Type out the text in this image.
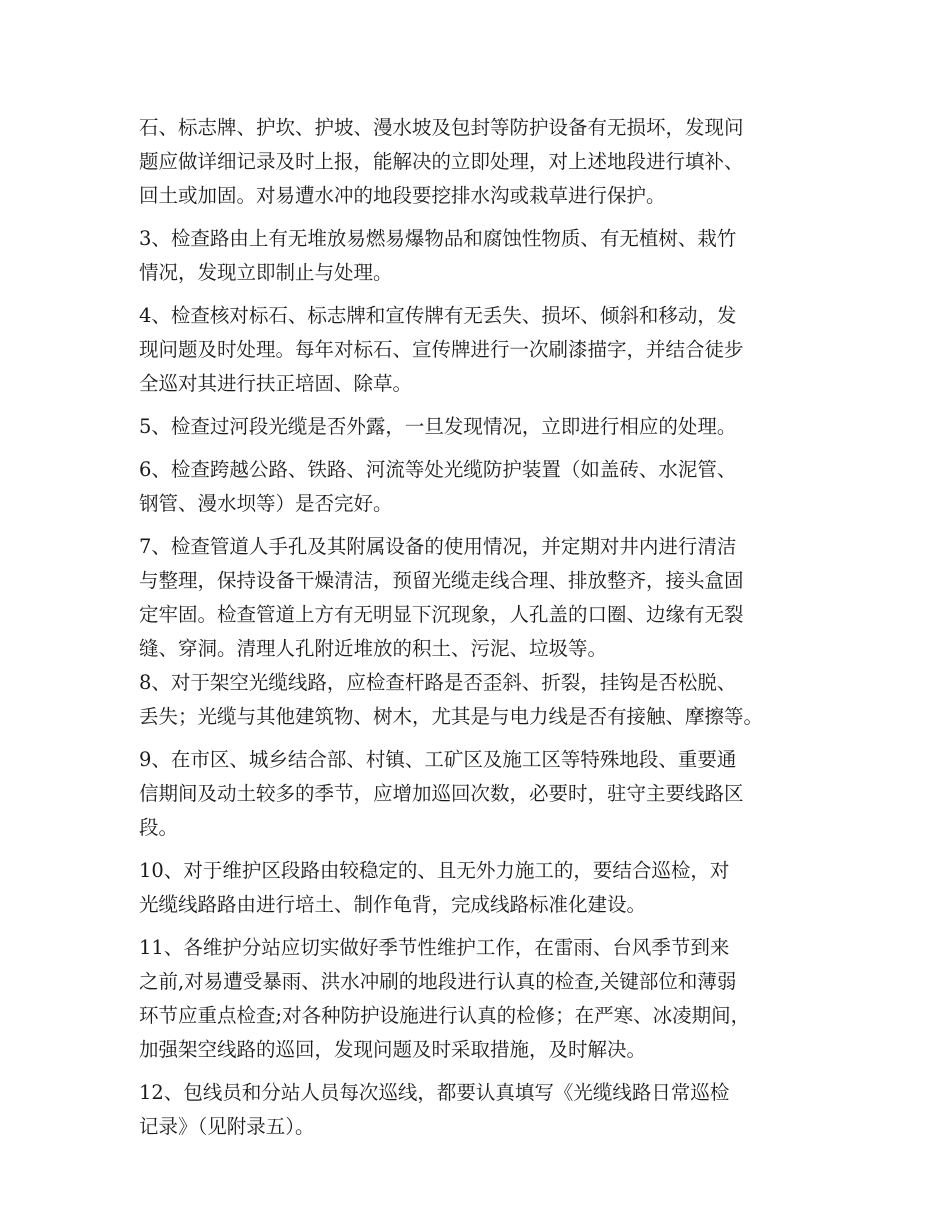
石、标志牌、护坎、护坡、漫水坡及包封等防护设备有无损坏，发现问
题应做详细记录及时上报，能解决的立即处理，对上述地段进行填补、
回土或加固。对易遭水冲的地段要挖排水沟或栽草进行保护。
3、检查路由上有无堆放易燃易爆物品和腐蚀性物质、有无植树、栽竹
情况，发现立即制止与处理。
4、检查核对标石、标志牌和宣传牌有无丢失、损坏、倾斜和移动，发
现问题及时处理。每年对标石、宣传牌进行一次刷漆描字，并结合徒步
全巡对其进行扶正培固、除草。
5、检查过河段光缆是否外露，一旦发现情况，立即进行相应的处理。
6、检查跨越公路、铁路、河流等处光缆防护装置（如盖砖、水泥管、
钢管、漫水坝等）是否完好。
7、检查管道人手孔及其附属设备的使用情况，并定期对井内进行清洁
与整理，保持设备干燥清洁，预留光缆走线合理、排放整齐，接头盒固
定牢固。检查管道上方有无明显下沉现象，人孔盖的口圈、边缘有无裂
缝、穿洞。清理人孔附近堆放的积土、污泥、垃圾等。
8、对于架空光缆线路，应检查杆路是否歪斜、折裂，挂钩是否松脱、
丢失；光缆与其他建筑物、树木，尤其是与电力线是否有接触、摩擦等。
9、在市区、城乡结合部、村镇、工矿区及施工区等特殊地段、重要通
信期间及动土较多的季节，应增加巡回次数，必要时，驻守主要线路区
段。
10、对于维护区段路由较稳定的、且无外力施工的，要结合巡检，对
光缆线路路由进行培土、制作龟背，完成线路标准化建设。
11、各维护分站应切实做好季节性维护工作，在雷雨、台风季节到来
之前,对易遭受暴雨、洪水冲刷的地段进行认真的检查,关键部位和薄弱
环节应重点检查;对各种防护设施进行认真的检修；在严寒、冰凌期间，
加强架空线路的巡回，发现问题及时采取措施，及时解决。
12、包线员和分站人员每次巡线，都要认真填写《光缆线路日常巡检
记录》（见附录五）。
